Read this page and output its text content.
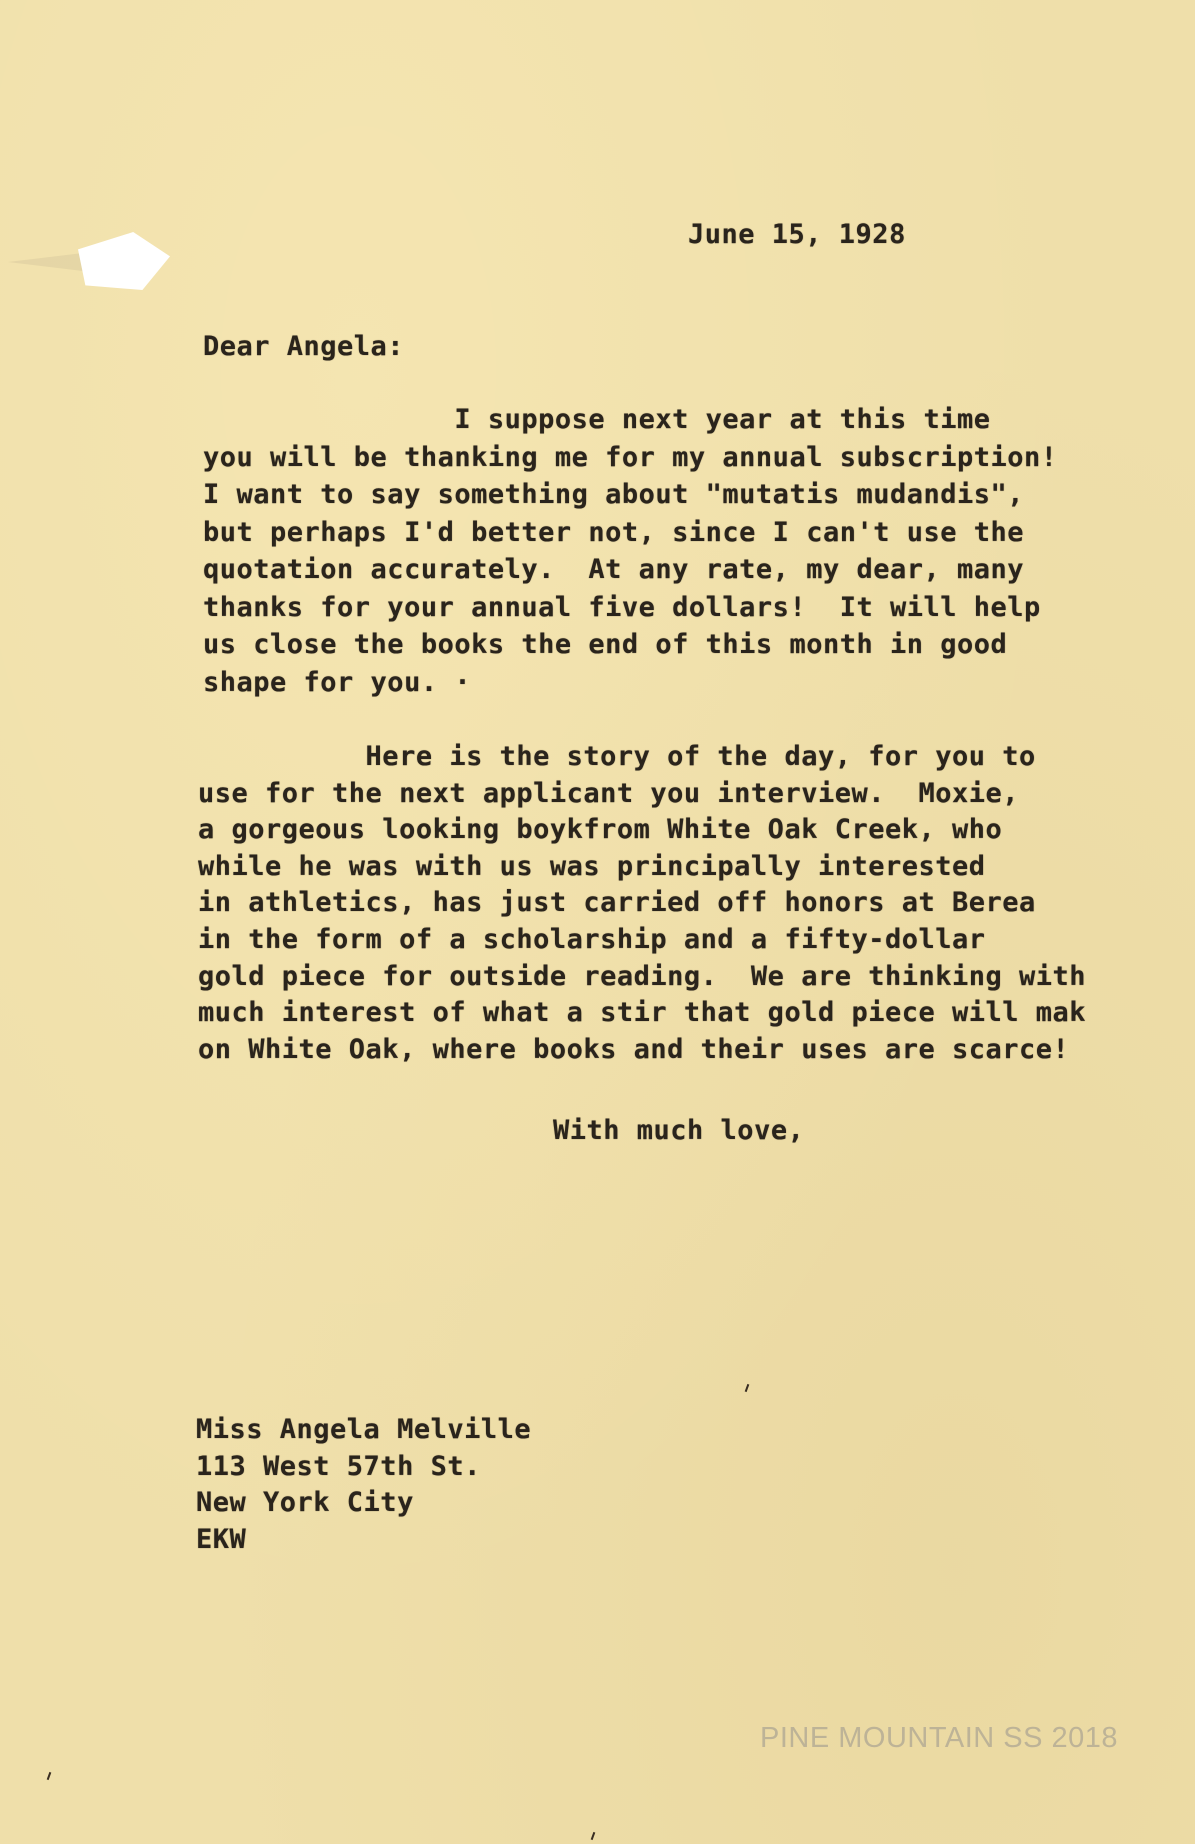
June 15, 1928

Dear Angela:

I suppose next year at this time
you will be thanking me for my annual subscription!
I want to say something about "mutatis mudandis",
but perhaps I'd better not, since I can't use the
quotation accurately.  At any rate, my dear, many
thanks for your annual five dollars!  It will help
us close the books the end of this month in good
shape for you. ·

Here is the story of the day, for you to
use for the next applicant you interview.  Moxie,
a gorgeous looking boykfrom White Oak Creek, who
while he was with us was principally interested
in athletics, has just carried off honors at Berea
in the form of a scholarship and a fifty-dollar
gold piece for outside reading.  We are thinking with
much interest of what a stir that gold piece will mak
on White Oak, where books and their uses are scarce!

With much love,

Miss Angela Melville
113 West 57th St.
New York City
EKW

PINE MOUNTAIN SS 2018
